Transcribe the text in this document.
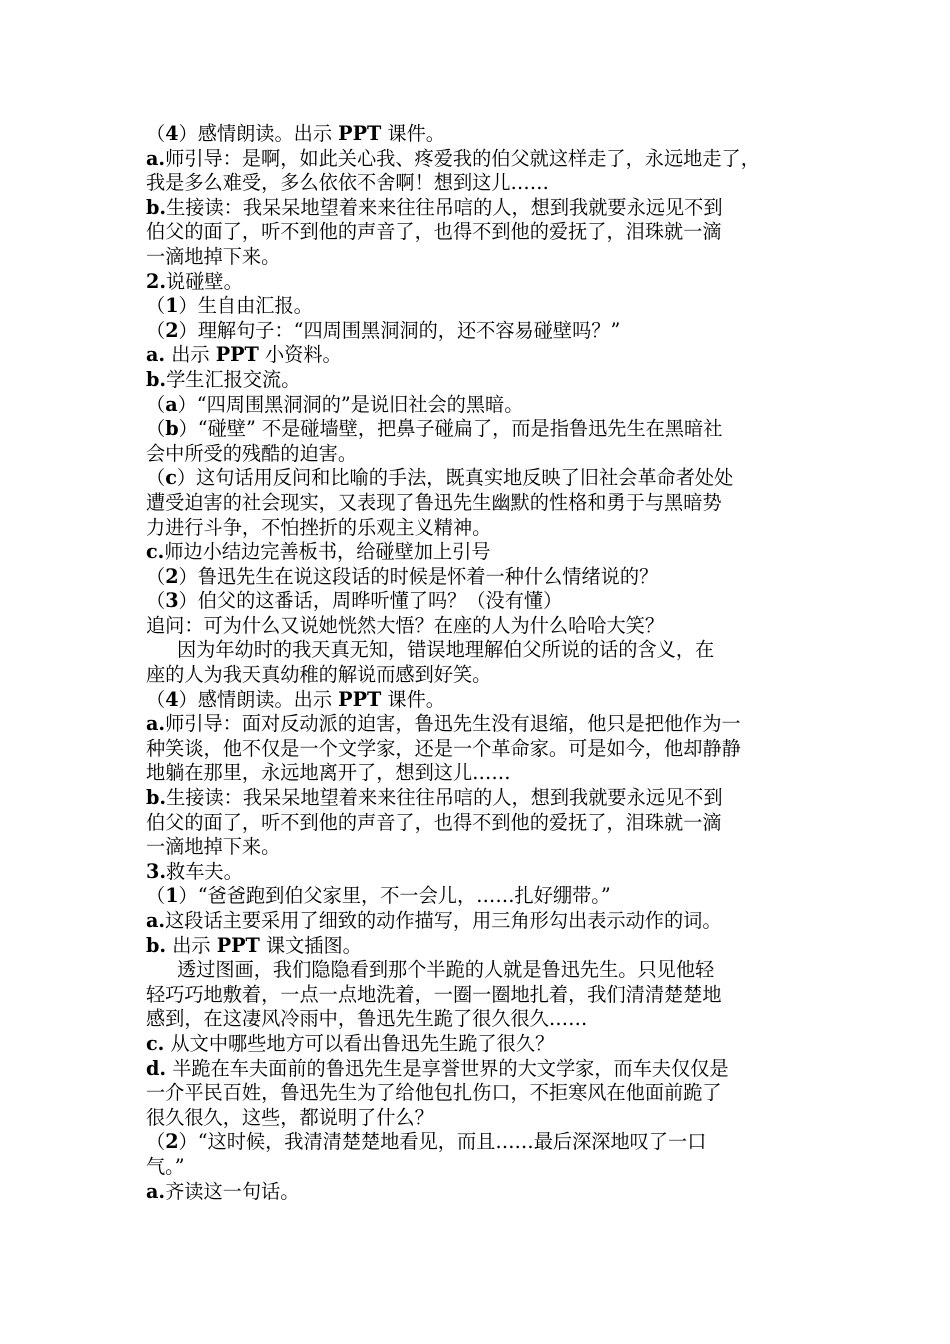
（4）感情朗读。出示 PPT 课件。
a.师引导：是啊，如此关心我、疼爱我的伯父就这样走了，永远地走了，
我是多么难受，多么依依不舍啊！想到这儿……
b.生接读：我呆呆地望着来来往往吊唁的人，想到我就要永远见不到
伯父的面了，听不到他的声音了，也得不到他的爱抚了，泪珠就一滴
一滴地掉下来。
2.说碰壁。
（1）生自由汇报。
（2）理解句子：“四周围黑洞洞的，还不容易碰壁吗？”
a. 出示 PPT 小资料。
b.学生汇报交流。
（a）“四周围黑洞洞的”是说旧社会的黑暗。
（b）“碰壁” 不是碰墙壁，把鼻子碰扁了，而是指鲁迅先生在黑暗社
会中所受的残酷的迫害。
（c）这句话用反问和比喻的手法，既真实地反映了旧社会革命者处处
遭受迫害的社会现实，又表现了鲁迅先生幽默的性格和勇于与黑暗势
力进行斗争，不怕挫折的乐观主义精神。
c.师边小结边完善板书，给碰壁加上引号
（2）鲁迅先生在说这段话的时候是怀着一种什么情绪说的？
（3）伯父的这番话，周晔听懂了吗？（没有懂）
追问：可为什么又说她恍然大悟？在座的人为什么哈哈大笑？
因为年幼时的我天真无知，错误地理解伯父所说的话的含义，在
座的人为我天真幼稚的解说而感到好笑。
（4）感情朗读。出示 PPT 课件。
a.师引导：面对反动派的迫害，鲁迅先生没有退缩，他只是把他作为一
种笑谈，他不仅是一个文学家，还是一个革命家。可是如今，他却静静
地躺在那里，永远地离开了，想到这儿……
b.生接读：我呆呆地望着来来往往吊唁的人，想到我就要永远见不到
伯父的面了，听不到他的声音了，也得不到他的爱抚了，泪珠就一滴
一滴地掉下来。
3.救车夫。
（1）“爸爸跑到伯父家里，不一会儿，……扎好绷带。”
a.这段话主要采用了细致的动作描写，用三角形勾出表示动作的词。
b. 出示 PPT 课文插图。
透过图画，我们隐隐看到那个半跪的人就是鲁迅先生。只见他轻
轻巧巧地敷着，一点一点地洗着，一圈一圈地扎着，我们清清楚楚地
感到，在这凄风冷雨中，鲁迅先生跪了很久很久……
c. 从文中哪些地方可以看出鲁迅先生跪了很久？
d. 半跪在车夫面前的鲁迅先生是享誉世界的大文学家，而车夫仅仅是
一介平民百姓，鲁迅先生为了给他包扎伤口，不拒寒风在他面前跪了
很久很久，这些，都说明了什么？
（2）“这时候，我清清楚楚地看见，而且……最后深深地叹了一口
气。”
a.齐读这一句话。
